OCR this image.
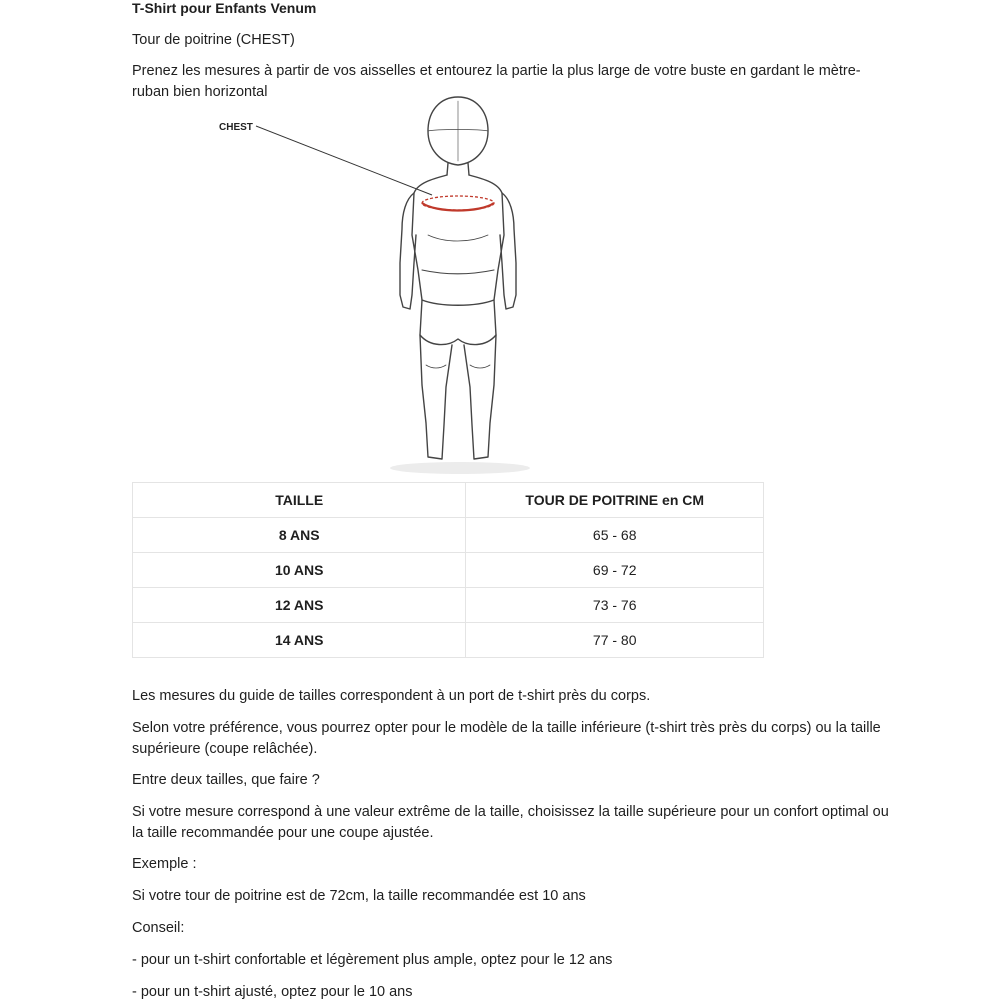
T-Shirt pour Enfants Venum

Tour de poitrine (CHEST)

Prenez les mesures à partir de vos aisselles et entourez la partie la plus large de votre buste en gardant le mètre-ruban bien horizontal

CHEST
TAILLE	TOUR DE POITRINE en CM
8 ANS	65 - 68
10 ANS	69 - 72
12 ANS	73 - 76
14 ANS	77 - 80

Les mesures du guide de tailles correspondent à un port de t-shirt près du corps.

Selon votre préférence, vous pourrez opter pour le modèle de la taille inférieure (t-shirt très près du corps) ou la taille supérieure (coupe relâchée).

Entre deux tailles, que faire ?

Si votre mesure correspond à une valeur extrême de la taille, choisissez la taille supérieure pour un confort optimal ou la taille recommandée pour une coupe ajustée.

Exemple :

Si votre tour de poitrine est de 72cm, la taille recommandée est 10 ans

Conseil:

- pour un t-shirt confortable et légèrement plus ample, optez pour le 12 ans

- pour un t-shirt ajusté, optez pour le 10 ans
